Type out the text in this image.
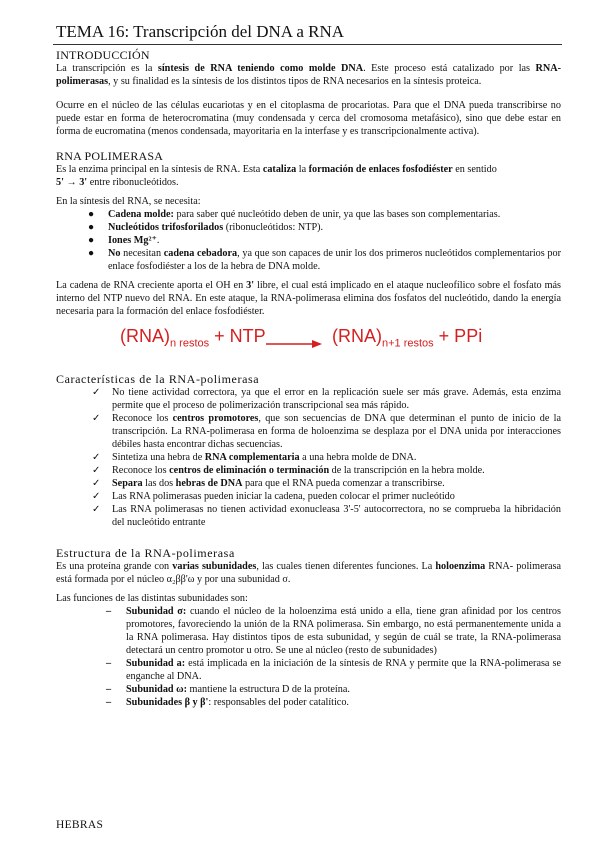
TEMA 16: Transcripción del DNA a RNA
INTRODUCCIÓN

La transcripción es la síntesis de RNA teniendo como molde DNA. Este proceso está catalizado por las RNA-polimerasas, y su finalidad es la síntesis de los distintos tipos de RNA necesarios en la síntesis proteica.

Ocurre en el núcleo de las células eucariotas y en el citoplasma de procariotas. Para que el DNA pueda transcribirse no puede estar en forma de heterocromatina (muy condensada y cerca del cromosoma metafásico), sino que debe estar en forma de eucromatina (menos condensada, mayoritaria en la interfase y es transcripcionalmente activa).

RNA POLIMERASA

Es la enzima principal en la síntesis de RNA. Esta cataliza la formación de enlaces fosfodiéster en sentido
5' → 3' entre ribonucleótidos.

En la síntesis del RNA, se necesita:

● Cadena molde: para saber qué nucleótido deben de unir, ya que las bases son complementarias.
● Nucleótidos trifosforilados (ribonucleótidos: NTP).
● Iones Mg²⁺.
● No necesitan cadena cebadora, ya que son capaces de unir los dos primeros nucleótidos complementarios por enlace fosfodiéster a los de la hebra de DNA molde.

La cadena de RNA creciente aporta el OH en 3' libre, el cual está implicado en el ataque nucleofílico sobre el fosfato más interno del NTP nuevo del RNA. En este ataque, la RNA-polimerasa elimina dos fosfatos del nucleótido, dando la energía necesaria para la formación del enlace fosfodiéster.

$(RNA)_{n restos}$ + NTP	$(RNA)_{n+1 restos}$ + PPi
Características de la RNA-polimerasa
✓ No tiene actividad correctora, ya que el error en la replicación suele ser más grave. Además, esta enzima permite que el proceso de polimerización transcripcional sea más rápido.
✓ Reconoce los centros promotores, que son secuencias de DNA que determinan el punto de inicio de la transcripción. La RNA-polimerasa en forma de holoenzima se desplaza por el DNA unida por interacciones débiles hasta encontrar dichas secuencias.
✓ Sintetiza una hebra de RNA complementaria a una hebra molde de DNA.
✓ Reconoce los centros de eliminación o terminación de la transcripción en la hebra molde.
✓ Separa las dos hebras de DNA para que el RNA pueda comenzar a transcribirse.
✓ Las RNA polimerasas pueden iniciar la cadena, pueden colocar el primer nucleótido
✓ Las RNA polimerasas no tienen actividad exonucleasa 3'-5' autocorrectora, no se comprueba la hibridación del nucleótido entrante
Estructura de la RNA-polimerasa

Es una proteína grande con varias subunidades, las cuales tienen diferentes funciones. La holoenzima RNA- polimerasa está formada por el núcleo α₂ββ'ω y por una subunidad σ.

Las funciones de las distintas subunidades son:

– Subunidad σ: cuando el núcleo de la holoenzima está unido a ella, tiene gran afinidad por los centros promotores, favoreciendo la unión de la RNA polimerasa. Sin embargo, no está permanentemente unida a la RNA polimerasa. Hay distintos tipos de esta subunidad, y según de cuál se trate, la RNA-polimerasa detectará un centro promotor u otro. Se une al núcleo (resto de subunidades)
– Subunidad a: está implicada en la iniciación de la síntesis de RNA y permite que la RNA-polimerasa se enganche al DNA.
– Subunidad ω: mantiene la estructura D de la proteína.
– Subunidades β y β': responsables del poder catalítico.
HEBRAS
